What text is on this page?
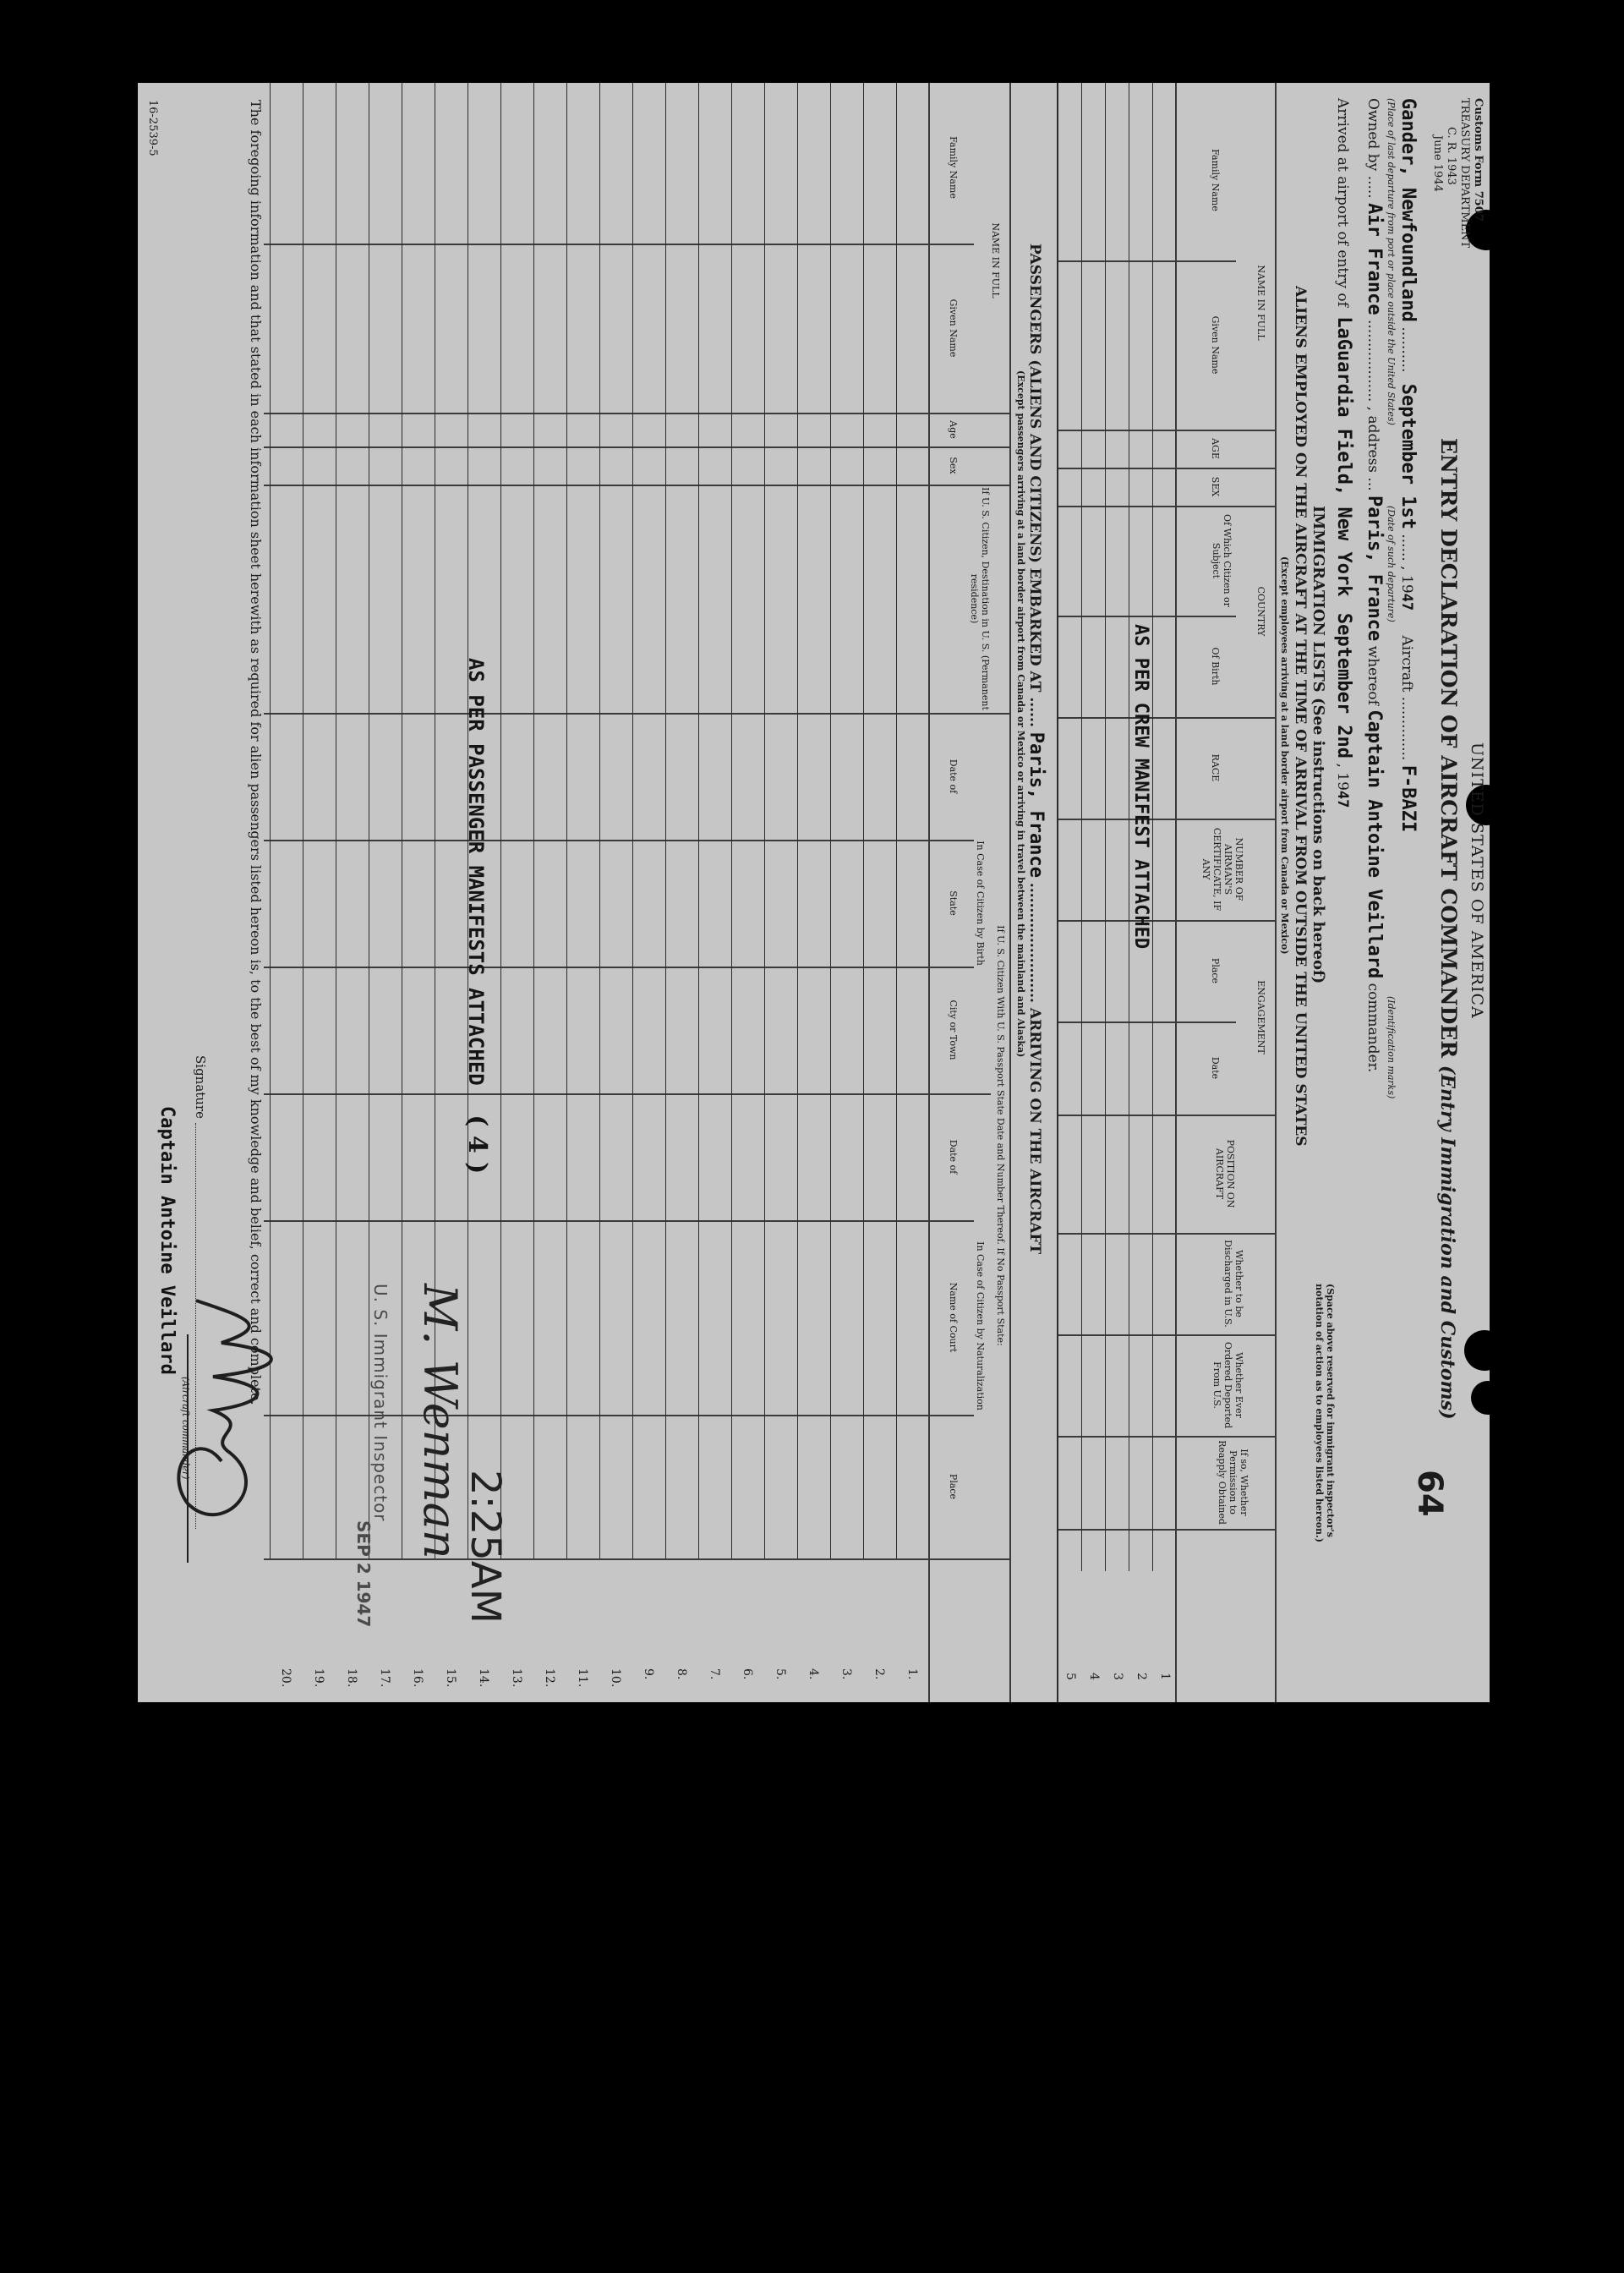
Customs Form 7507
TREASURY DEPARTMENT
C. R. 1943
June 1944
UNITED STATES OF AMERICA
ENTRY DECLARATION OF AIRCRAFT COMMANDER (Entry Immigration and Customs)
64
Gander, Newfoundland .......... September 1st ...... , 1947 Aircraft .............. F-BAZI
(Place of last departure from port or place outside the United States)
(Date of such departure)
(Identification marks)
Owned by ..... Air France .................. , address ... Paris, France whereof Captain Antoine Veillard commander.
Arrived at airport of entry of LaGuardia Field, New York September 2nd , 1947
IMMIGRATION LISTS (See instructions on back hereof)
ALIENS EMPLOYED ON THE AIRCRAFT AT THE TIME OF ARRIVAL FROM OUTSIDE THE UNITED STATES
(Except employees arriving at a land border airport from Canada or Mexico)
(Space above reserved for immigrant inspector's notation of action as to employees listed hereon.)
NAME IN FULL
Family Name
Given Name
AGE
SEX
COUNTRY
Of Which Citizen or Subject
Of Birth
RACE
NUMBER OF AIRMAN'S CERTIFICATE, IF ANY
ENGAGEMENT
Place
Date
POSITION ON AIRCRAFT
Whether to be Discharged in U.S.
Whether Ever Ordered Deported From U.S.
If so, Whether Permission to Reapply Obtained
1
2
3
4
5
AS PER CREW MANIFEST ATTACHED
PASSENGERS (ALIENS AND CITIZENS) EMBARKED AT ...... Paris, France ........................ ARRIVING ON THE AIRCRAFT
(Except passengers arriving at a land border airport from Canada or Mexico or arriving in travel between the mainland and Alaska)
NAME IN FULL
Family Name
Given Name
Age
Sex
If U. S. Citizen, Destination in U. S. (Permanent residence)
If U. S. Citizen With U. S. Passport State Date and Number Thereof. If No Passport State:
In Case of Citizen by Birth
In Case of Citizen by Naturalization
Date of
State
City or Town
Date of
Name of Court
Place
1.
2.
3.
4.
5.
6.
7.
8.
9.
10.
11.
12.
13.
14.
15.
16.
17.
18.
19.
20.
AS PER PASSENGER MANIFESTS ATTACHED ( 4 )
M. Wenman
U. S. Immigrant Inspector
SEP 2 1947 2:25AM
The foregoing information and that stated in each information sheet herewith as required for alien passengers listed hereon is, to the best of my knowledge and belief, correct and complete.
Signature
(Aircraft commander)
Captain Antoine Veillard
16-2539-5
